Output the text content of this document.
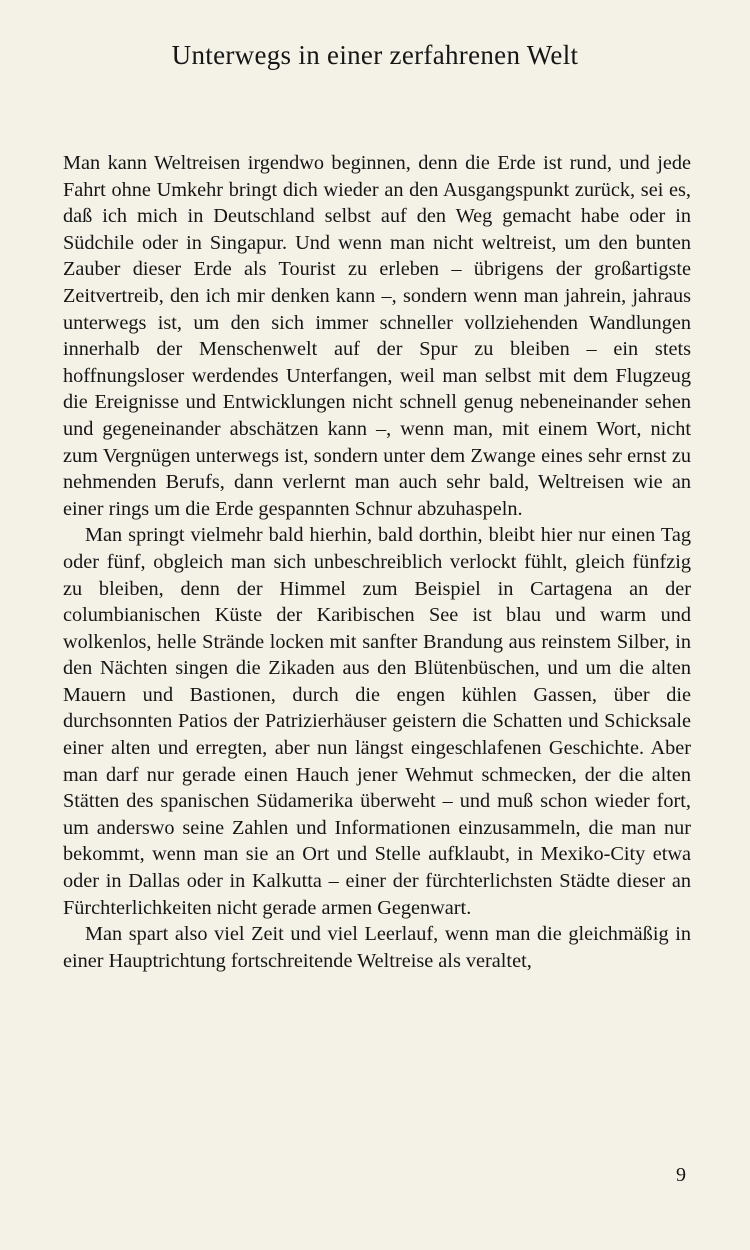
Unterwegs in einer zerfahrenen Welt

Man kann Weltreisen irgendwo beginnen, denn die Erde ist rund, und jede Fahrt ohne Umkehr bringt dich wieder an den Ausgangspunkt zurück, sei es, daß ich mich in Deutschland selbst auf den Weg gemacht habe oder in Südchile oder in Singapur. Und wenn man nicht weltreist, um den bunten Zauber dieser Erde als Tourist zu erleben – übrigens der großartigste Zeitvertreib, den ich mir denken kann –, sondern wenn man jahrein, jahraus unterwegs ist, um den sich immer schneller vollziehenden Wandlungen innerhalb der Menschenwelt auf der Spur zu bleiben – ein stets hoffnungsloser werdendes Unterfangen, weil man selbst mit dem Flugzeug die Ereignisse und Entwicklungen nicht schnell genug nebeneinander sehen und gegeneinander abschätzen kann –, wenn man, mit einem Wort, nicht zum Vergnügen unterwegs ist, sondern unter dem Zwange eines sehr ernst zu nehmenden Berufs, dann verlernt man auch sehr bald, Weltreisen wie an einer rings um die Erde gespannten Schnur abzuhaspeln.

Man springt vielmehr bald hierhin, bald dorthin, bleibt hier nur einen Tag oder fünf, obgleich man sich unbeschreiblich verlockt fühlt, gleich fünfzig zu bleiben, denn der Himmel zum Beispiel in Cartagena an der columbianischen Küste der Karibischen See ist blau und warm und wolkenlos, helle Strände locken mit sanfter Brandung aus reinstem Silber, in den Nächten singen die Zikaden aus den Blütenbüschen, und um die alten Mauern und Bastionen, durch die engen kühlen Gassen, über die durchsonnten Patios der Patrizierhäuser geistern die Schatten und Schicksale einer alten und erregten, aber nun längst eingeschlafenen Geschichte. Aber man darf nur gerade einen Hauch jener Wehmut schmecken, der die alten Stätten des spanischen Südamerika überweht – und muß schon wieder fort, um anderswo seine Zahlen und Informationen einzusammeln, die man nur bekommt, wenn man sie an Ort und Stelle aufklaubt, in Mexiko-City etwa oder in Dallas oder in Kalkutta – einer der fürchterlichsten Städte dieser an Fürchterlichkeiten nicht gerade armen Gegenwart.

Man spart also viel Zeit und viel Leerlauf, wenn man die gleichmäßig in einer Hauptrichtung fortschreitende Weltreise als veraltet,

9
